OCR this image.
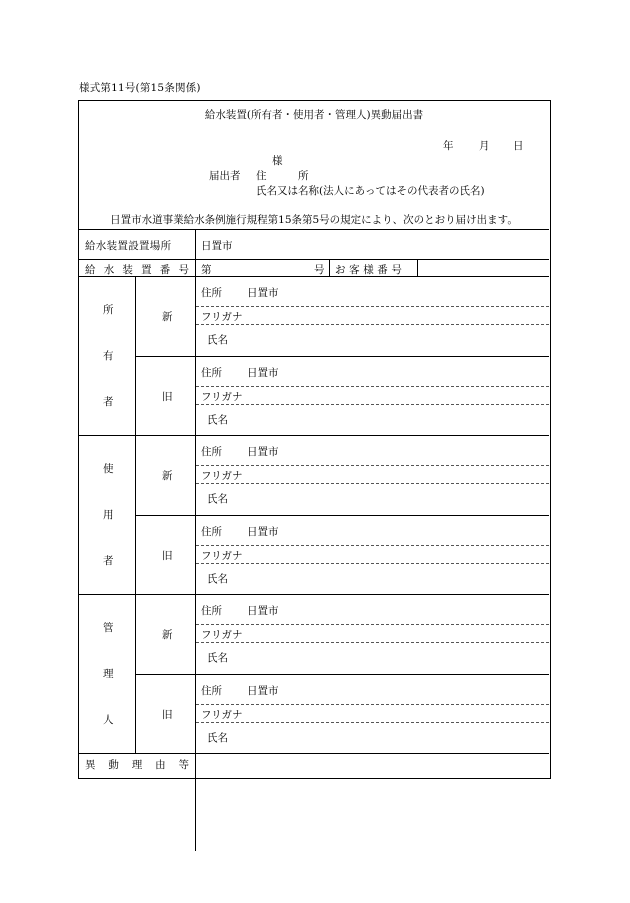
様式第11号(第15条関係)
給水装置(所有者・使用者・管理人)異動届出書
年 月 日
様
届出者 住　　　所
氏名又は名称(法人にあってはその代表者の氏名)
日置市水道事業給水条例施行規程第15条第5号の規定により、次のとおり届け出ます。
給水装置設置場所	日置市
給 水 装 置 番 号 第	号 お客様番号
所
有
者
新
住所 日置市
フリガナ
氏名
旧
住所 日置市
フリガナ
氏名
使
用
者
新
住所 日置市
フリガナ
氏名
旧
住所 日置市
フリガナ
氏名
管
理
人
新
住所 日置市
フリガナ
氏名
旧
住所 日置市
フリガナ
氏名
異 動 理 由 等
